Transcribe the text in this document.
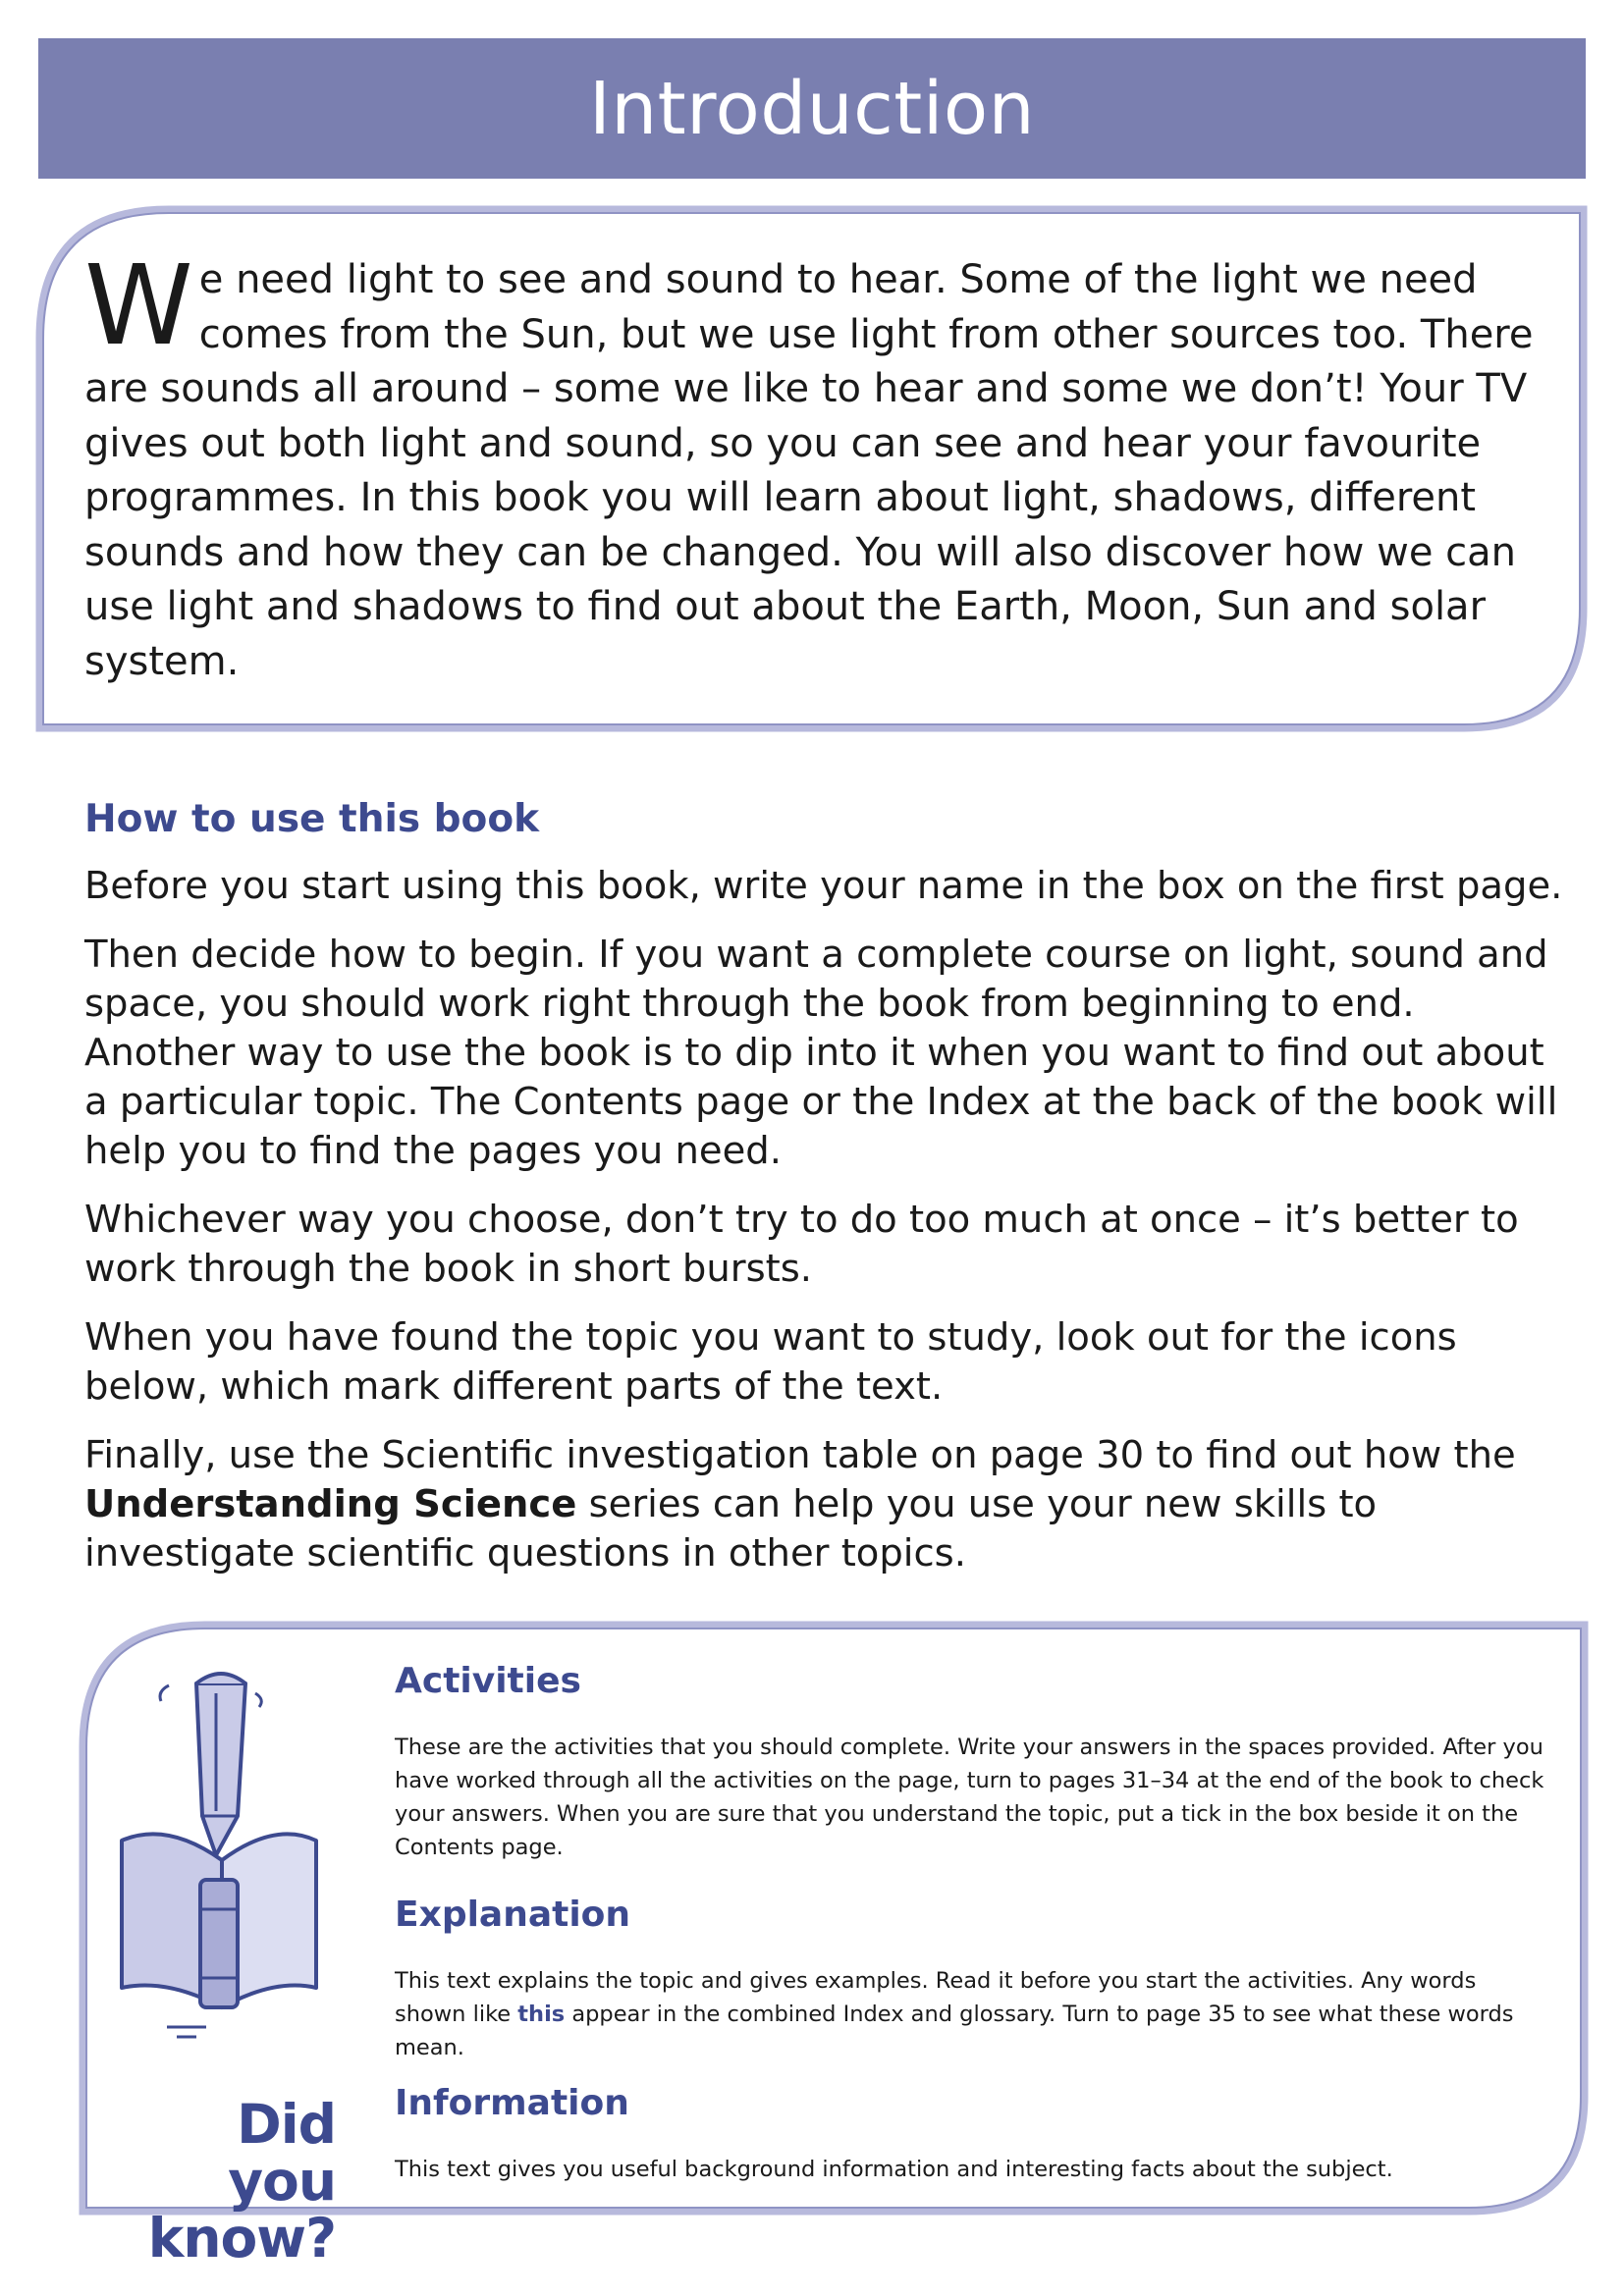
Introduction

We need light to see and sound to hear. Some of the light we need comes from the Sun, but we use light from other sources too. There are sounds all around – some we like to hear and some we don’t! Your TV gives out both light and sound, so you can see and hear your favourite programmes. In this book you will learn about light, shadows, different sounds and how they can be changed. You will also discover how we can use light and shadows to find out about the Earth, Moon, Sun and solar system.

How to use this book

Before you start using this book, write your name in the box on the first page.

Then decide how to begin. If you want a complete course on light, sound and space, you should work right through the book from beginning to end. Another way to use the book is to dip into it when you want to find out about a particular topic. The Contents page or the Index at the back of the book will help you to find the pages you need.

Whichever way you choose, don’t try to do too much at once – it’s better to work through the book in short bursts.

When you have found the topic you want to study, look out for the icons below, which mark different parts of the text.

Finally, use the Scientific investigation table on page 30 to find out how the Understanding Science series can help you use your new skills to investigate scientific questions in other topics.

Did you
know?
Activities

These are the activities that you should complete. Write your answers in the spaces provided. After you have worked through all the activities on the page, turn to pages 31–34 at the end of the book to check your answers. When you are sure that you understand the topic, put a tick in the box beside it on the Contents page.

Explanation

This text explains the topic and gives examples. Read it before you start the activities. Any words shown like this appear in the combined Index and glossary. Turn to page 35 to see what these words mean.

Information

This text gives you useful background information and interesting facts about the subject.
